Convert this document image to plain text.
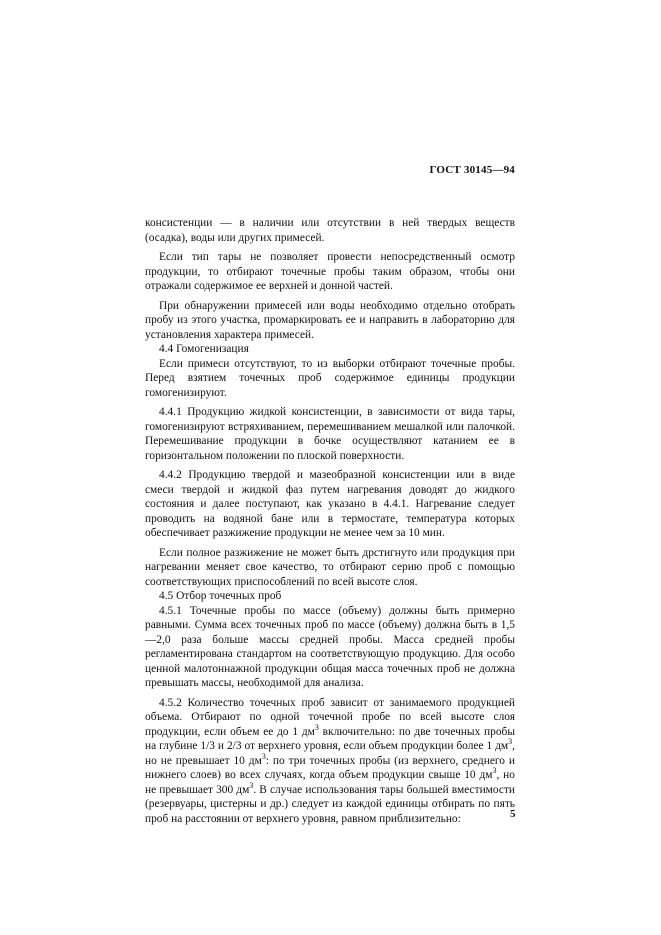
ГОСТ 30145—94

консистенции — в наличии или отсутствии в ней твердых веществ (осадка), воды или других примесей.

Если тип тары не позволяет провести непосредственный осмотр продукции, то отбирают точечные пробы таким образом, чтобы они отражали содержимое ее верхней и донной частей.

При обнаружении примесей или воды необходимо отдельно отобрать пробу из этого участка, промаркировать ее и направить в лабораторию для установления характера примесей.

4.4 Гомогенизация

Если примеси отсутствуют, то из выборки отбирают точечные пробы. Перед взятием точечных проб содержимое единицы продукции гомогенизируют.

4.4.1 Продукцию жидкой консистенции, в зависимости от вида тары, гомогенизируют встряхиванием, перемешиванием мешалкой или палочкой. Перемешивание продукции в бочке осуществляют катанием ее в горизонтальном положении по плоской поверхности.

4.4.2 Продукцию твердой и мазеобразной консистенции или в виде смеси твердой и жидкой фаз путем нагревания доводят до жидкого состояния и далее поступают, как указано в 4.4.1. Нагревание следует проводить на водяной бане или в термостате, температура которых обеспечивает разжижение продукции не менее чем за 10 мин.

Если полное разжижение не может быть дрстигнуто или продукция при нагревании меняет свое качество, то отбирают серию проб с помощью соответствующих приспособлений по всей высоте слоя.

4.5 Отбор точечных проб

4.5.1 Точечные пробы по массе (объему) должны быть примерно равными. Сумма всех точечных проб по массе (объему) должна быть в 1,5—2,0 раза больше массы средней пробы. Масса средней пробы регламентирована стандартом на соответствующую продукцию. Для особо ценной малотоннажной продукции общая масса точечных проб не должна превышать массы, необходимой для анализа.

4.5.2 Количество точечных проб зависит от занимаемого продукцией объема. Отбирают по одной точечной пробе по всей высоте слоя продукции, если объем ее до 1 $дм^3$ включительно: по две точечных пробы на глубине 1/3 и 2/3 от верхнего уровня, если объем продукции более 1 $дм^3$, но не превышает 10 $дм^3$: по три точечных пробы (из верхнего, среднего и нижнего слоев) во всех случаях, когда объем продукции свыше 10 $дм^3$, но не превышает 300 $дм^3$. В случае использования тары большей вместимости (резервуары, цистерны и др.) следует из каждой единицы отбирать по пять проб на расстоянии от верхнего уровня, равном приблизительно:	5
